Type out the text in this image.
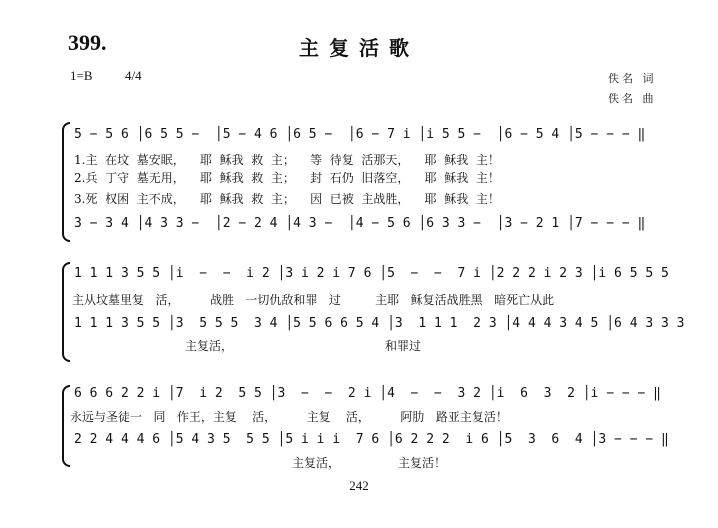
399.	主复活歌
1=B 4/4	佚名 词
佚名 曲
5 − 5 6 │6 5 5 −  │5 − 4 6 │6 5 −  │6 − 7 i │i 5 5 −  │6 − 5 4 │5 − − − ‖
1.主  在坟  墓安眠，    耶  稣我  救  主；    等  待复  活那天，    耶  稣我  主！
2.兵  丁守  墓无用，    耶  稣我  救  主；    封  石仍  旧落空，    耶  稣我  主！
3.死  权困  主不成，    耶  稣我  救  主；    因  已被  主战胜，    耶  稣我  主！
3 − 3 4 │4 3 3 −  │2 − 2 4 │4 3 −  │4 − 5 6 │6 3 3 −  │3 − 2 1 │7 − − − ‖
1 1 1 3 5 5 │i  −  −  i 2 │3 i 2 i 7 6 │5  −  −  7 i │2 2 2 i 2 3 │i 6 5 5 5
主从坟墓里复   活，        战胜   一切仇敌和罪   过         主耶   稣复活战胜黑   暗死亡从此
1 1 1 3 5 5 │3  5 5 5  3 4 │5 5 6 6 5 4 │3  1 1 1  2 3 │4 4 4 3 4 5 │6 4 3 3 3
主复活，	和罪过
6 6 6 2 2 i │7  i 2  5 5 │3  −  −  2 i │4  −  −  3 2 │i  6  3  2 │i − − − ‖
永远与圣徒一   同   作王，主复    活，        主复    活，        阿肋   路亚主复活！
2 2 4 4 4 6 │5 4 3 5  5 5 │5 i i i  7 6 │6 2 2 2  i 6 │5  3  6  4 │3 − − − ‖
主复活，	主复活！
242
